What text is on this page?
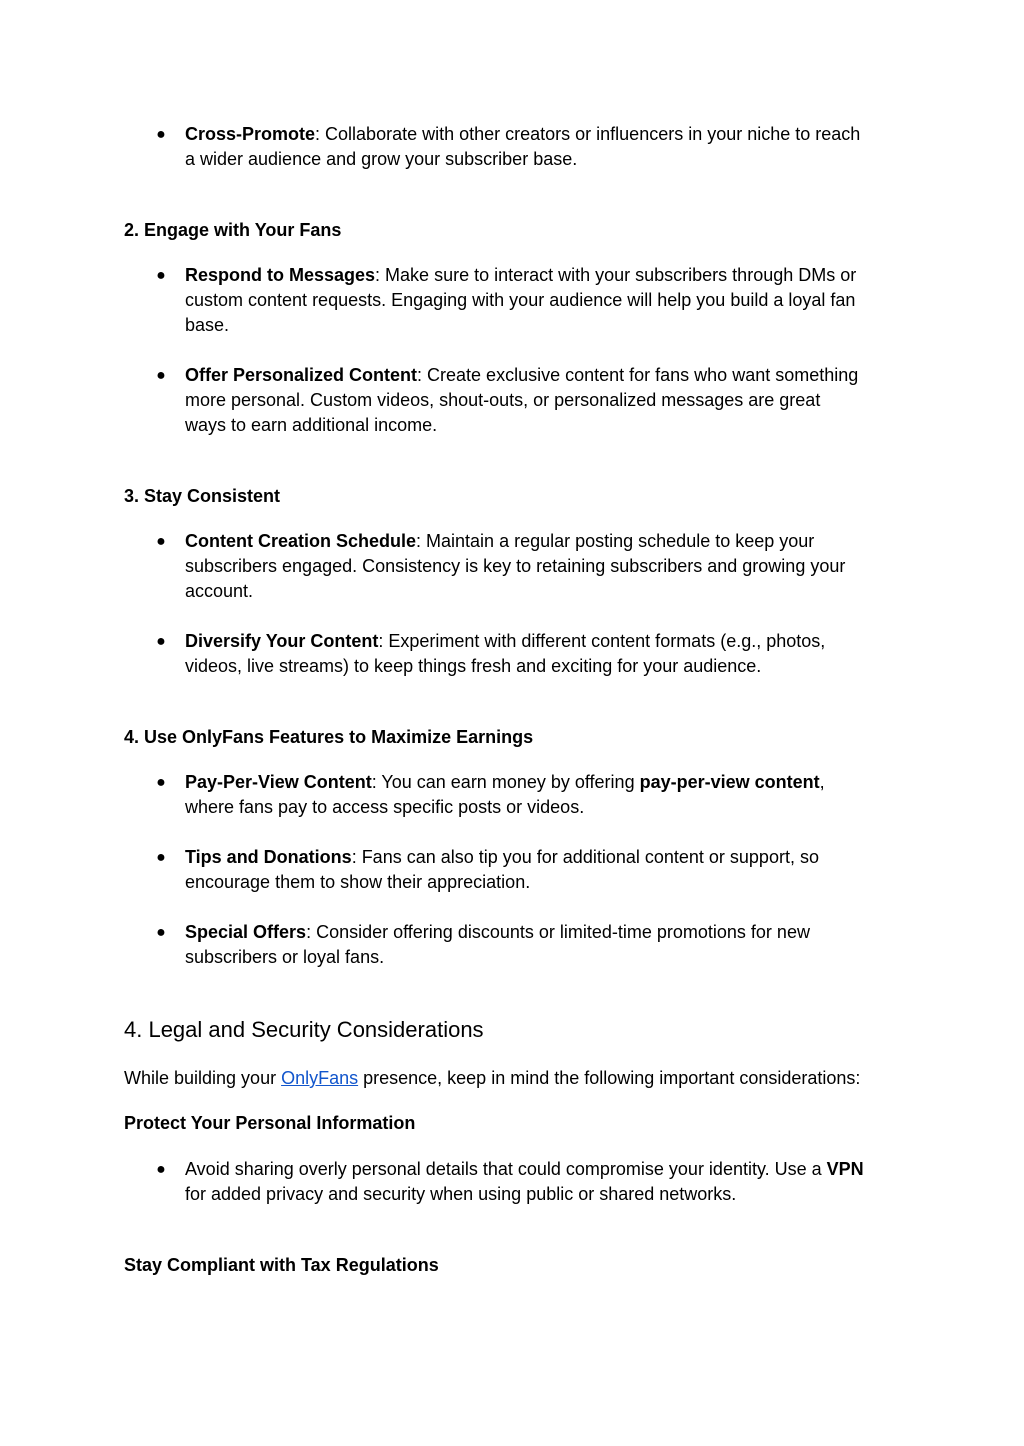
●	Cross-Promote: Collaborate with other creators or influencers in your niche to reach
a wider audience and grow your subscriber base.
2. Engage with Your Fans
●	Respond to Messages: Make sure to interact with your subscribers through DMs or
custom content requests. Engaging with your audience will help you build a loyal fan
base.
●	Offer Personalized Content: Create exclusive content for fans who want something
more personal. Custom videos, shout-outs, or personalized messages are great
ways to earn additional income.
3. Stay Consistent
●	Content Creation Schedule: Maintain a regular posting schedule to keep your
subscribers engaged. Consistency is key to retaining subscribers and growing your
account.
●	Diversify Your Content: Experiment with different content formats (e.g., photos,
videos, live streams) to keep things fresh and exciting for your audience.
4. Use OnlyFans Features to Maximize Earnings
●	Pay-Per-View Content: You can earn money by offering pay-per-view content,
where fans pay to access specific posts or videos.
●	Tips and Donations: Fans can also tip you for additional content or support, so
encourage them to show their appreciation.
●	Special Offers: Consider offering discounts or limited-time promotions for new
subscribers or loyal fans.
4. Legal and Security Considerations
While building your OnlyFans presence, keep in mind the following important considerations:
Protect Your Personal Information
●	Avoid sharing overly personal details that could compromise your identity. Use a VPN
for added privacy and security when using public or shared networks.
Stay Compliant with Tax Regulations
